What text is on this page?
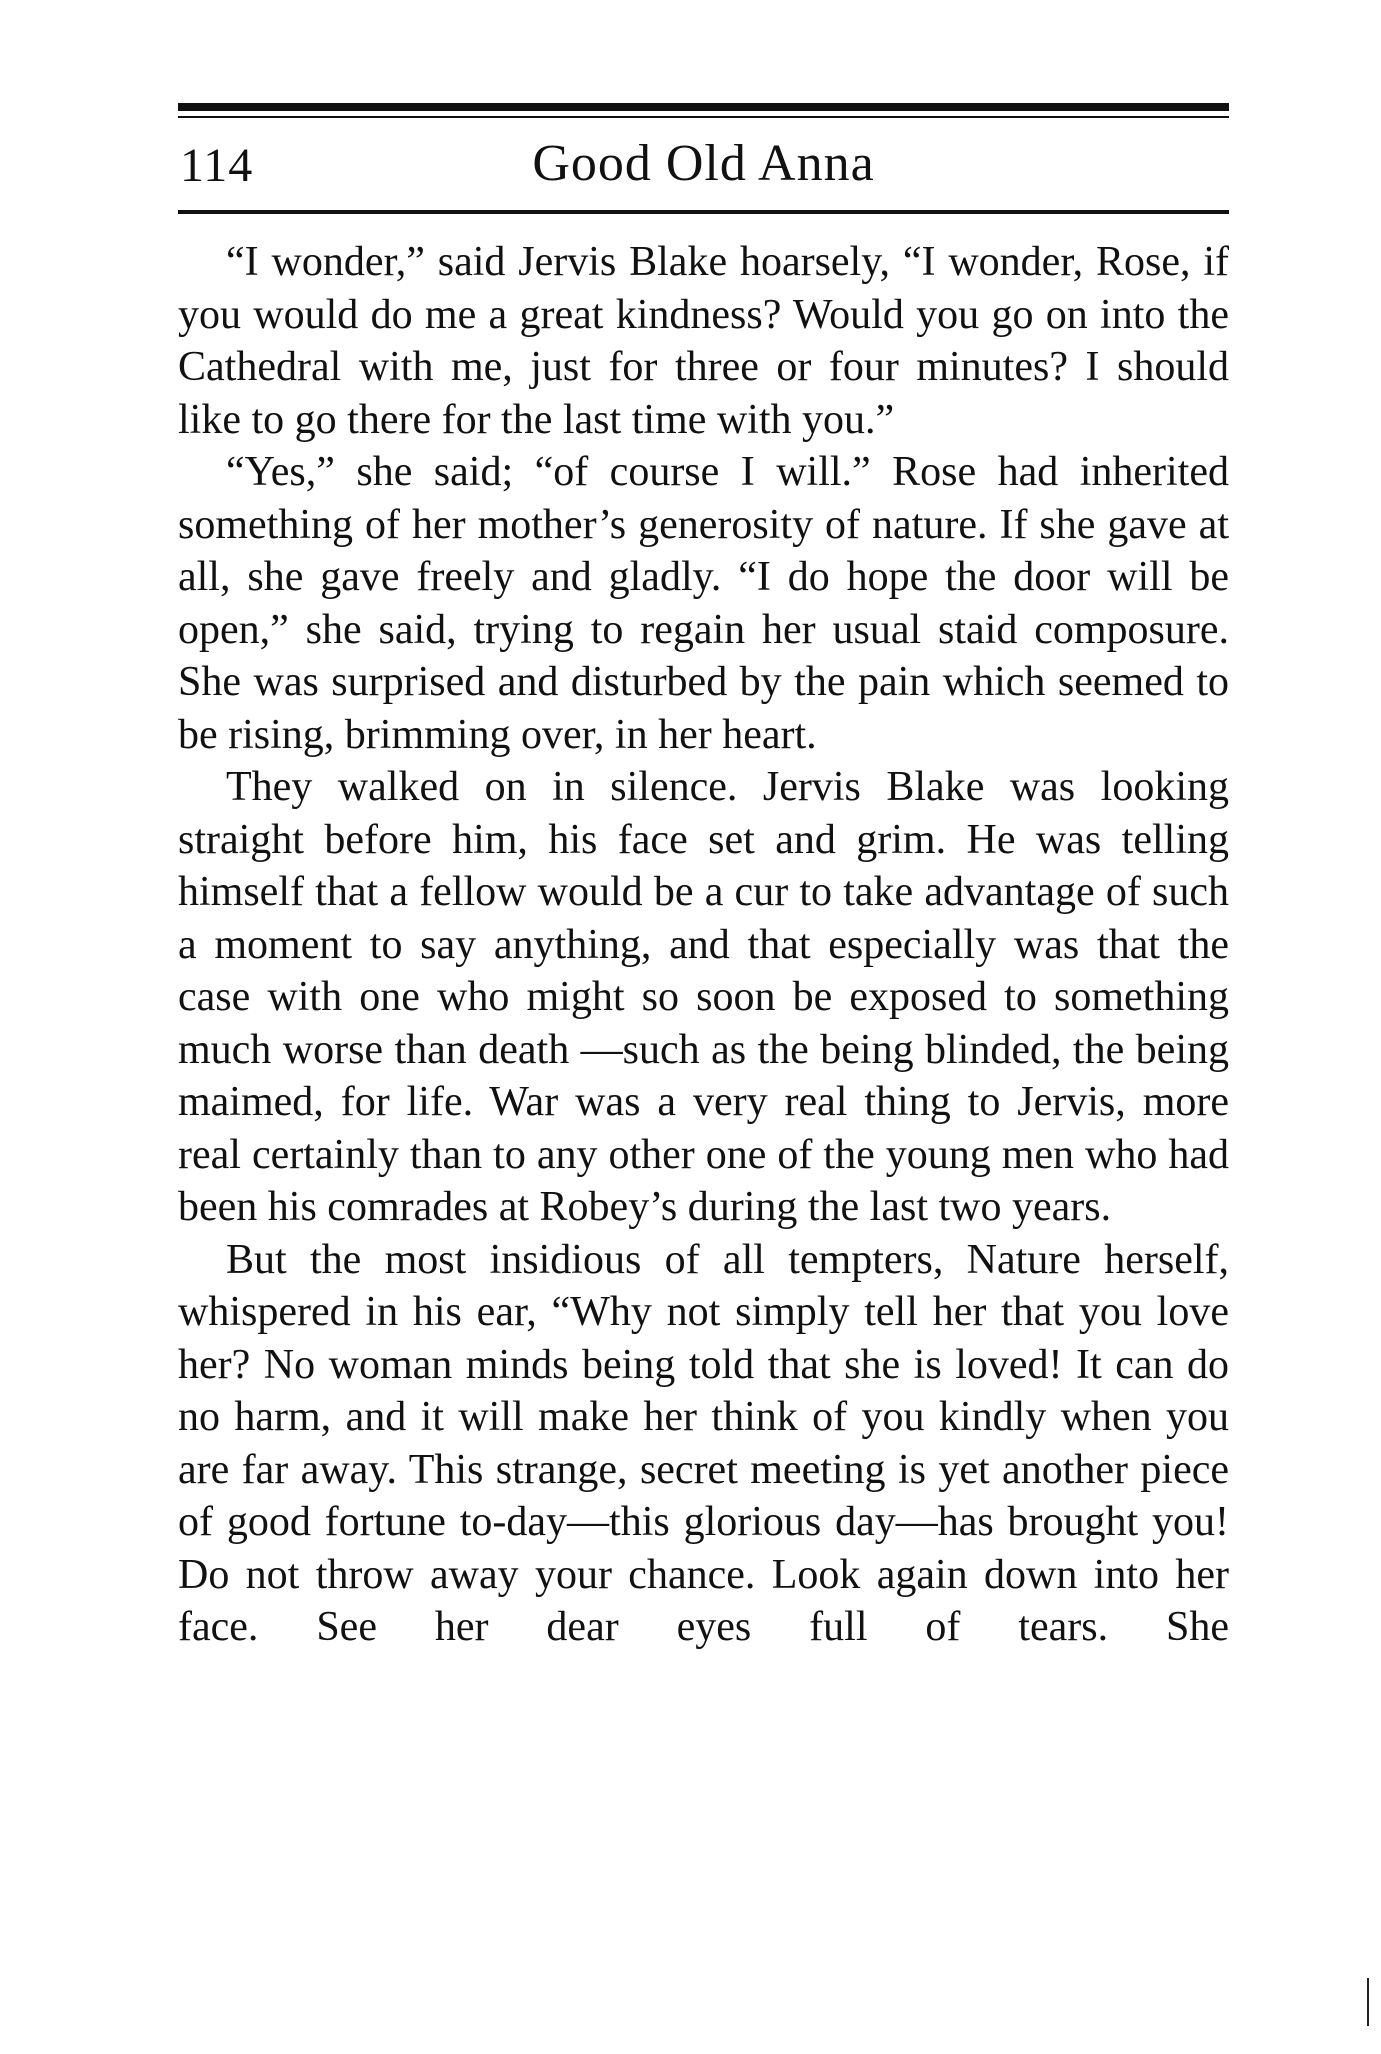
114	Good Old Anna

“I wonder,” said Jervis Blake hoarsely, “I wonder, Rose, if you would do me a great kindness? Would you go on into the Cathedral with me, just for three or four minutes? I should like to go there for the last time with you.”

“Yes,” she said; “of course I will.” Rose had inherited something of her mother’s generosity of nature. If she gave at all, she gave freely and gladly. “I do hope the door will be open,” she said, trying to regain her usual staid composure. She was surprised and disturbed by the pain which seemed to be rising, brimming over, in her heart.

They walked on in silence. Jervis Blake was looking straight before him, his face set and grim. He was telling himself that a fellow would be a cur to take advantage of such a moment to say anything, and that especially was that the case with one who might so soon be exposed to something much worse than death —such as the being blinded, the being maimed, for life. War was a very real thing to Jervis, more real certainly than to any other one of the young men who had been his comrades at Robey’s during the last two years.

But the most insidious of all tempters, Nature herself, whispered in his ear, “Why not simply tell her that you love her? No woman minds being told that she is loved! It can do no harm, and it will make her think of you kindly when you are far away. This strange, secret meeting is yet another piece of good fortune to-day—this glorious day—has brought you! Do not throw away your chance. Look again down into her face. See her dear eyes full of tears. She
